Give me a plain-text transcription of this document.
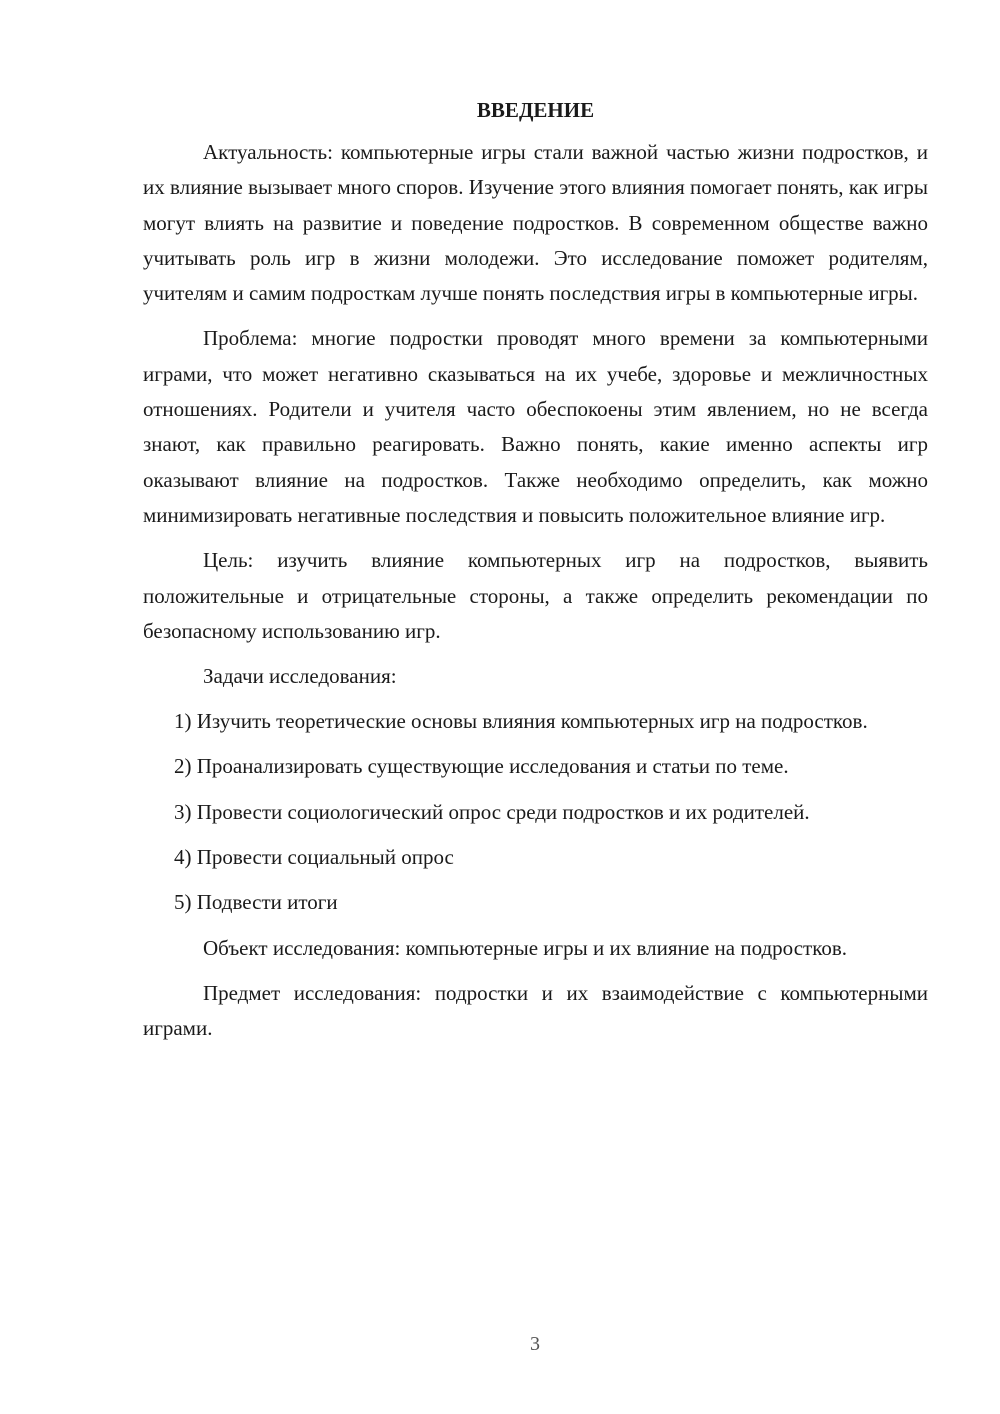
ВВЕДЕНИЕ

Актуальность: компьютерные игры стали важной частью жизни подростков, и их влияние вызывает много споров. Изучение этого влияния помогает понять, как игры могут влиять на развитие и поведение подростков. В современном обществе важно учитывать роль игр в жизни молодежи. Это исследование поможет родителям, учителям и самим подросткам лучше понять последствия игры в компьютерные игры.

Проблема: многие подростки проводят много времени за компьютерными играми, что может негативно сказываться на их учебе, здоровье и межличностных отношениях. Родители и учителя часто обеспокоены этим явлением, но не всегда знают, как правильно реагировать. Важно понять, какие именно аспекты игр оказывают влияние на подростков. Также необходимо определить, как можно минимизировать негативные последствия и повысить положительное влияние игр.

Цель: изучить влияние компьютерных игр на подростков, выявить положительные и отрицательные стороны, а также определить рекомендации по безопасному использованию игр.

Задачи исследования:

1) Изучить теоретические основы влияния компьютерных игр на подростков.

2) Проанализировать существующие исследования и статьи по теме.

3) Провести социологический опрос среди подростков и их родителей.

4) Провести социальный опрос

5) Подвести итоги

Объект исследования: компьютерные игры и их влияние на подростков.

Предмет исследования: подростки и их взаимодействие с компьютерными играми.

3
